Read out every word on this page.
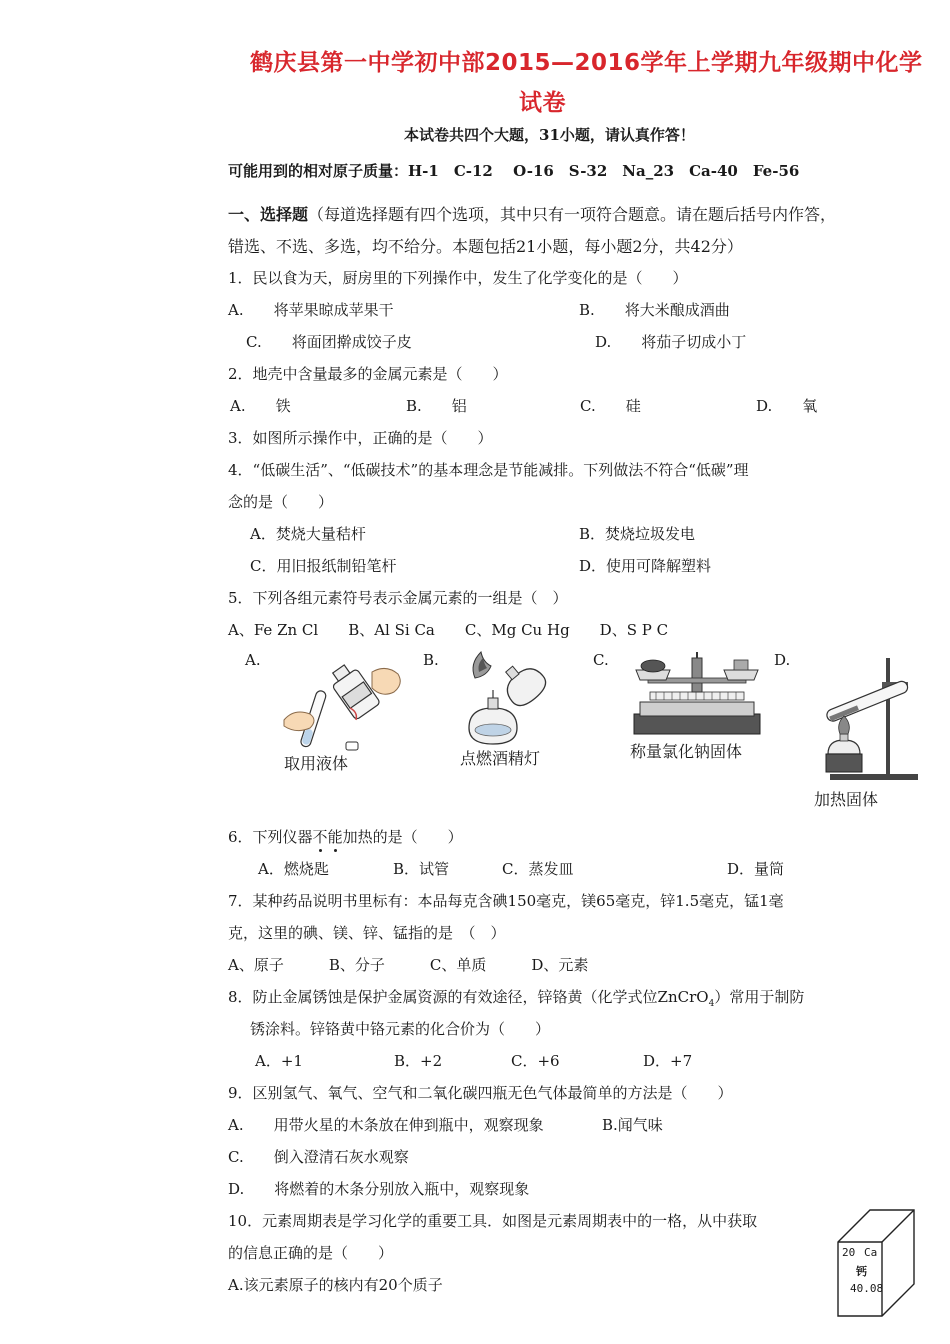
鹤庆县第一中学初中部2015—2016学年上学期九年级期中化学
试卷
本试卷共四个大题，31小题，请认真作答！
可能用到的相对原子质量：H-1　C-12　 O-16　S-32　Na_23　Ca-40　Fe-56
一、选择题（每道选择题有四个选项，其中只有一项符合题意。请在题后括号内作答，
错选、不选、多选，均不给分。本题包括21小题，每小题2分，共42分）
1．民以食为天，厨房里的下列操作中，发生了化学变化的是（　　）
A.　　将苹果晾成苹果干	B.　　将大米酿成酒曲
C.　　将面团擀成饺子皮	D.　　将茄子切成小丁
2．地壳中含量最多的金属元素是（　　）
A.　　铁	B.　　铝	C.　　硅	D.　　氧
3．如图所示操作中，正确的是（　　）
4．“低碳生活”、“低碳技术”的基本理念是节能减排。下列做法不符合“低碳”理
念的是（　　）
A．焚烧大量秸杆	B．焚烧垃圾发电
C．用旧报纸制铅笔杆	D．使用可降解塑料
5．下列各组元素符号表示金属元素的一组是（　）
A、Fe Zn Cl　　B、Al Si Ca　　C、Mg Cu Hg　　D、S P C
A.	B.	C.	D.
取用液体	点燃酒精灯	称量氯化钠固体
加热固体
6．下列仪器不能加热的是（　　）
A．燃烧匙	B．试管	C．蒸发皿	D．量筒
7．某种药品说明书里标有：本品每克含碘150毫克，镁65毫克，锌1.5毫克，锰1毫
克，这里的碘、镁、锌、锰指的是　（　）
A、原子　　　B、分子　　　C、单质　　　D、元素
8．防止金属锈蚀是保护金属资源的有效途径，锌铬黄（化学式位ZnCrO$_4$）常用于制防
锈涂料。锌铬黄中铬元素的化合价为（　　）
A．+1	B．+2	C．+6	D．+7
9．区别氢气、氧气、空气和二氧化碳四瓶无色气体最简单的方法是（　　）
A.　　用带火星的木条放在伸到瓶中，观察现象	B.闻气味
C.　　倒入澄清石灰水观察
D.　　将燃着的木条分别放入瓶中，观察现象
10．元素周期表是学习化学的重要工具．如图是元素周期表中的一格，从中获取
的信息正确的是（　　）
A.该元素原子的核内有20个质子
20 Ca
钙
40.08
